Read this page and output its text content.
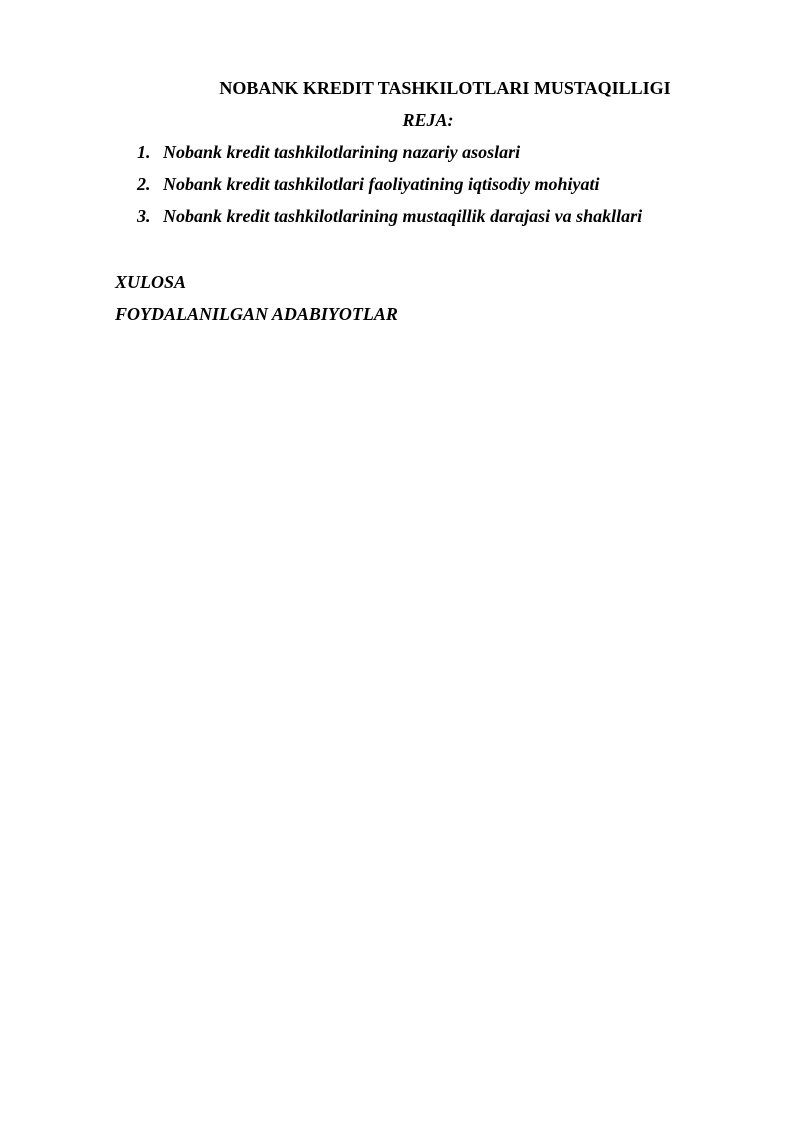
NOBANK KREDIT TASHKILOTLARI MUSTAQILLIGI
REJA:
1. Nobank kredit tashkilotlarining nazariy asoslari
2. Nobank kredit tashkilotlari faoliyatining iqtisodiy mohiyati
3. Nobank kredit tashkilotlarining mustaqillik darajasi va shakllari
XULOSA
FOYDALANILGAN ADABIYOTLAR
